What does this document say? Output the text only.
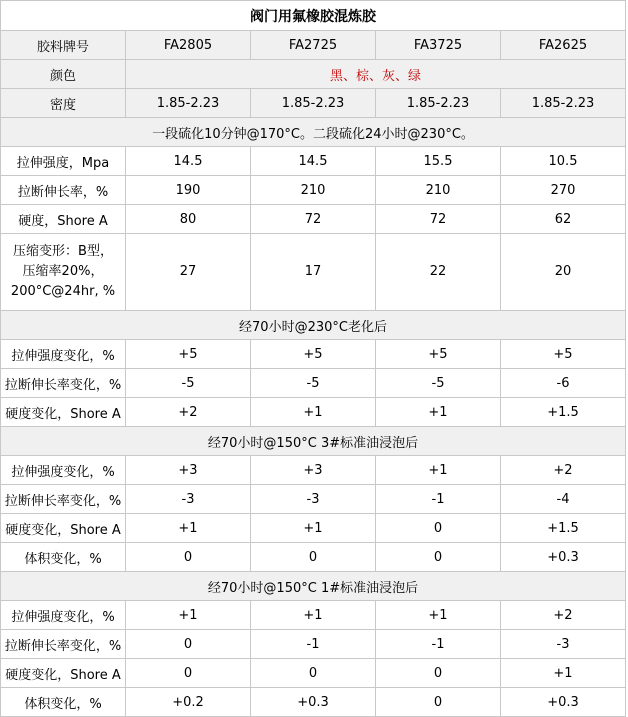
阀门用氟橡胶混炼胶				
胶料牌号	FA2805	FA2725	FA3725	FA2625
颜色	黑、棕、灰、绿			
密度	1.85-2.23	1.85-2.23	1.85-2.23	1.85-2.23
一段硫化10分钟@170°C。二段硫化24小时@230°C。				
拉伸强度，Mpa	14.5	14.5	15.5	10.5
拉断伸长率，%	190	210	210	270
硬度，Shore A	80	72	72	62

压缩变形：B型，
压缩率20%，
200°C@24hr, %	27	17	22	20
经70小时@230°C老化后				
拉伸强度变化，%	+5	+5	+5	+5
拉断伸长率变化，%	-5	-5	-5	-6
硬度变化，Shore A	+2	+1	+1	+1.5
经70小时@150°C 3#标准油浸泡后				
拉伸强度变化，%	+3	+3	+1	+2
拉断伸长率变化，%	-3	-3	-1	-4
硬度变化，Shore A	+1	+1	0	+1.5
体积变化，%	0	0	0	+0.3
经70小时@150°C 1#标准油浸泡后				
拉伸强度变化，%	+1	+1	+1	+2
拉断伸长率变化，%	0	-1	-1	-3
硬度变化，Shore A	0	0	0	+1
体积变化，%	+0.2	+0.3	0	+0.3
